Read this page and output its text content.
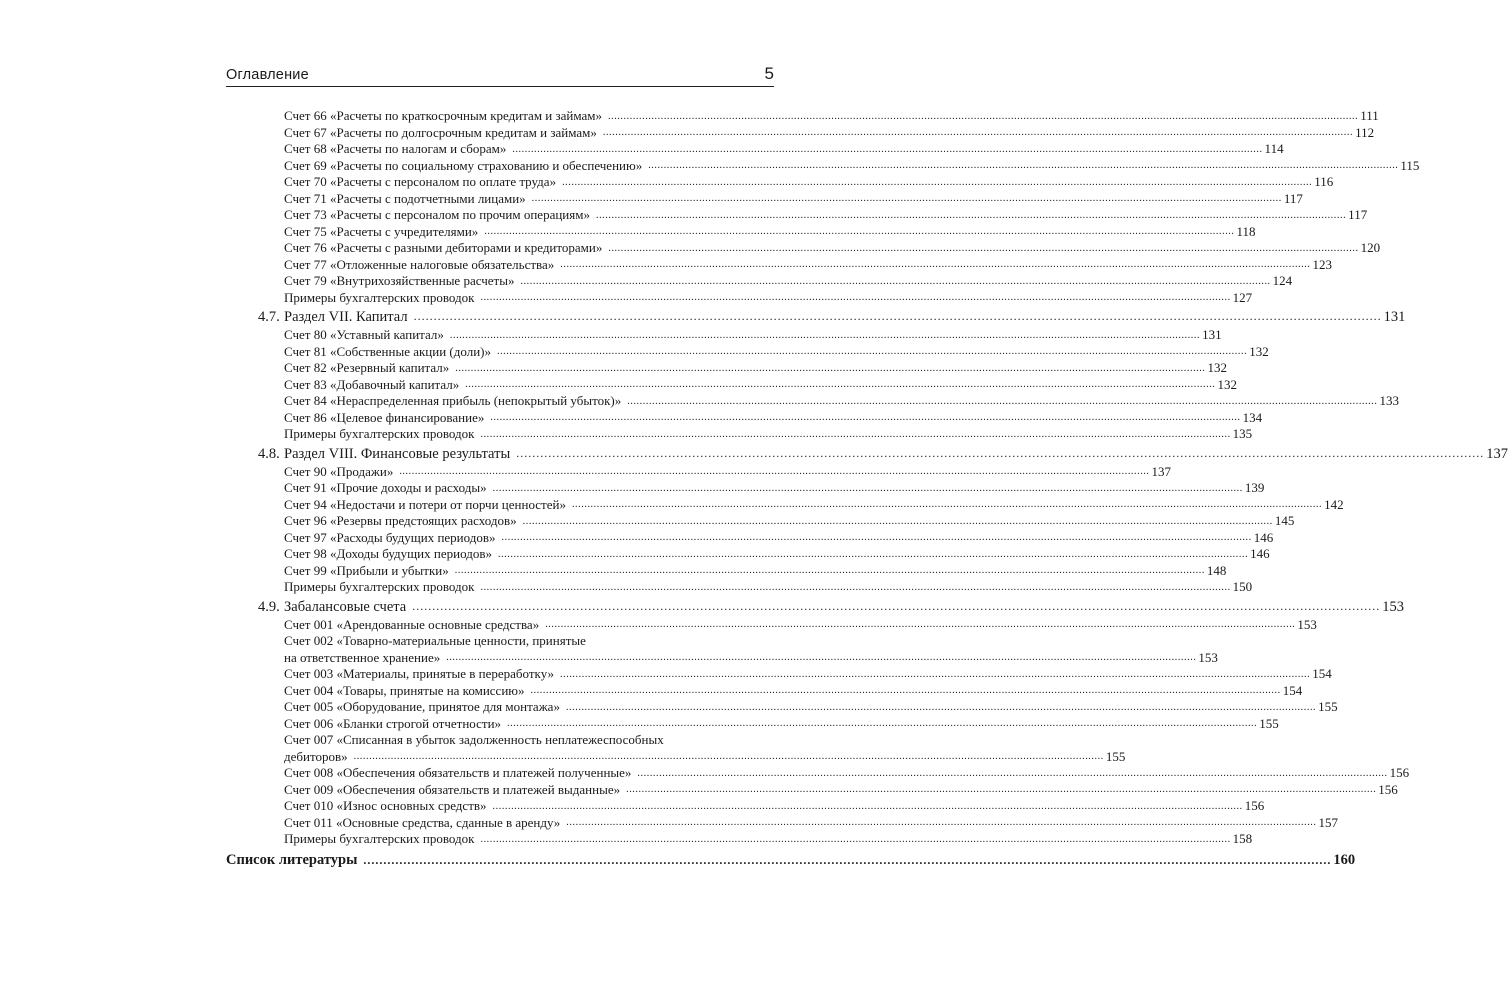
Оглавление	5
Счет 66 «Расчеты по краткосрочным кредитам и займам» .................................................................................................................................................................................................................................................. 111
Счет 67 «Расчеты по долгосрочным кредитам и займам» .................................................................................................................................................................................................................................................. 112
Счет 68 «Расчеты по налогам и сборам» .................................................................................................................................................................................................................................................. 114
Счет 69 «Расчеты по социальному страхованию и обеспечению» .................................................................................................................................................................................................................................................. 115
Счет 70 «Расчеты с персоналом по оплате труда» .................................................................................................................................................................................................................................................. 116
Счет 71 «Расчеты с подотчетными лицами» .................................................................................................................................................................................................................................................. 117
Счет 73 «Расчеты с персоналом по прочим операциям» .................................................................................................................................................................................................................................................. 117
Счет 75 «Расчеты с учредителями» .................................................................................................................................................................................................................................................. 118
Счет 76 «Расчеты с разными дебиторами и кредиторами» .................................................................................................................................................................................................................................................. 120
Счет 77 «Отложенные налоговые обязательства» .................................................................................................................................................................................................................................................. 123
Счет 79 «Внутрихозяйственные расчеты» .................................................................................................................................................................................................................................................. 124
Примеры бухгалтерских проводок .................................................................................................................................................................................................................................................. 127
4.7. Раздел VII. Капитал .................................................................................................................................................................................................................................................. 131
Счет 80 «Уставный капитал» .................................................................................................................................................................................................................................................. 131
Счет 81 «Собственные акции (доли)» .................................................................................................................................................................................................................................................. 132
Счет 82 «Резервный капитал» .................................................................................................................................................................................................................................................. 132
Счет 83 «Добавочный капитал» .................................................................................................................................................................................................................................................. 132
Счет 84 «Нераспределенная прибыль (непокрытый убыток)» .................................................................................................................................................................................................................................................. 133
Счет 86 «Целевое финансирование» .................................................................................................................................................................................................................................................. 134
Примеры бухгалтерских проводок .................................................................................................................................................................................................................................................. 135
4.8. Раздел VIII. Финансовые результаты .................................................................................................................................................................................................................................................. 137
Счет 90 «Продажи» .................................................................................................................................................................................................................................................. 137
Счет 91 «Прочие доходы и расходы» .................................................................................................................................................................................................................................................. 139
Счет 94 «Недостачи и потери от порчи ценностей» .................................................................................................................................................................................................................................................. 142
Счет 96 «Резервы предстоящих расходов» .................................................................................................................................................................................................................................................. 145
Счет 97 «Расходы будущих периодов» .................................................................................................................................................................................................................................................. 146
Счет 98 «Доходы будущих периодов» .................................................................................................................................................................................................................................................. 146
Счет 99 «Прибыли и убытки» .................................................................................................................................................................................................................................................. 148
Примеры бухгалтерских проводок .................................................................................................................................................................................................................................................. 150
4.9. Забалансовые счета .................................................................................................................................................................................................................................................. 153
Счет 001 «Арендованные основные средства» .................................................................................................................................................................................................................................................. 153
Счет 002 «Товарно-материальные ценности, принятые
на ответственное хранение» .................................................................................................................................................................................................................................................. 153
Счет 003 «Материалы, принятые в переработку» .................................................................................................................................................................................................................................................. 154
Счет 004 «Товары, принятые на комиссию» .................................................................................................................................................................................................................................................. 154
Счет 005 «Оборудование, принятое для монтажа» .................................................................................................................................................................................................................................................. 155
Счет 006 «Бланки строгой отчетности» .................................................................................................................................................................................................................................................. 155
Счет 007 «Списанная в убыток задолженность неплатежеспособных
дебиторов» .................................................................................................................................................................................................................................................. 155
Счет 008 «Обеспечения обязательств и платежей полученные» .................................................................................................................................................................................................................................................. 156
Счет 009 «Обеспечения обязательств и платежей выданные» .................................................................................................................................................................................................................................................. 156
Счет 010 «Износ основных средств» .................................................................................................................................................................................................................................................. 156
Счет 011 «Основные средства, сданные в аренду» .................................................................................................................................................................................................................................................. 157
Примеры бухгалтерских проводок .................................................................................................................................................................................................................................................. 158
Список литературы .................................................................................................................................................................................................................................................. 160
